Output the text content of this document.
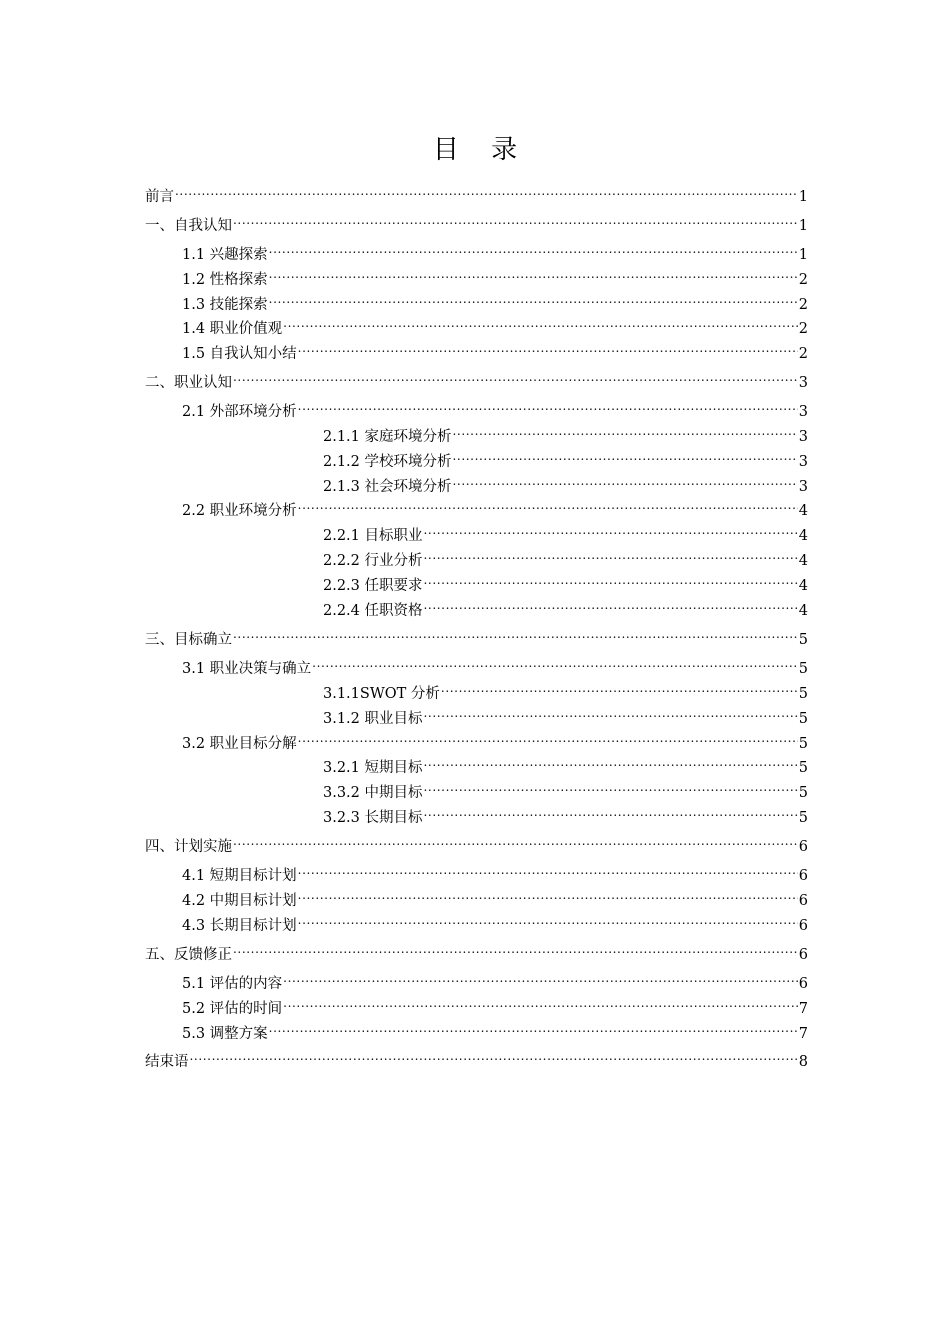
目 录
前言 .....	1
一、自我认知 .....	1
1.1 兴趣探索 .....	1
1.2 性格探索 .....	2
1.3 技能探索 .....	2
1.4 职业价值观 .....	2
1.5 自我认知小结 .....	2
二、职业认知 .....	3
2.1 外部环境分析 .....	3
2.1.1 家庭环境分析 .....	3
2.1.2 学校环境分析 .....	3
2.1.3 社会环境分析 .....	3
2.2 职业环境分析 .....	4
2.2.1 目标职业 .....	4
2.2.2 行业分析 .....	4
2.2.3 任职要求 .....	4
2.2.4 任职资格 .....	4
三、目标确立 .....	5
3.1 职业决策与确立 .....	5
3.1.1SWOT 分析 .....	5
3.1.2 职业目标 .....	5
3.2 职业目标分解 .....	5
3.2.1 短期目标 .....	5
3.3.2 中期目标 .....	5
3.2.3 长期目标 .....	5
四、计划实施 .....	6
4.1 短期目标计划 .....	6
4.2 中期目标计划 .....	6
4.3 长期目标计划 .....	6
五、反馈修正 .....	6
5.1 评估的内容 .....	6
5.2 评估的时间 .....	7
5.3 调整方案 .....	7
结束语 .....	8
